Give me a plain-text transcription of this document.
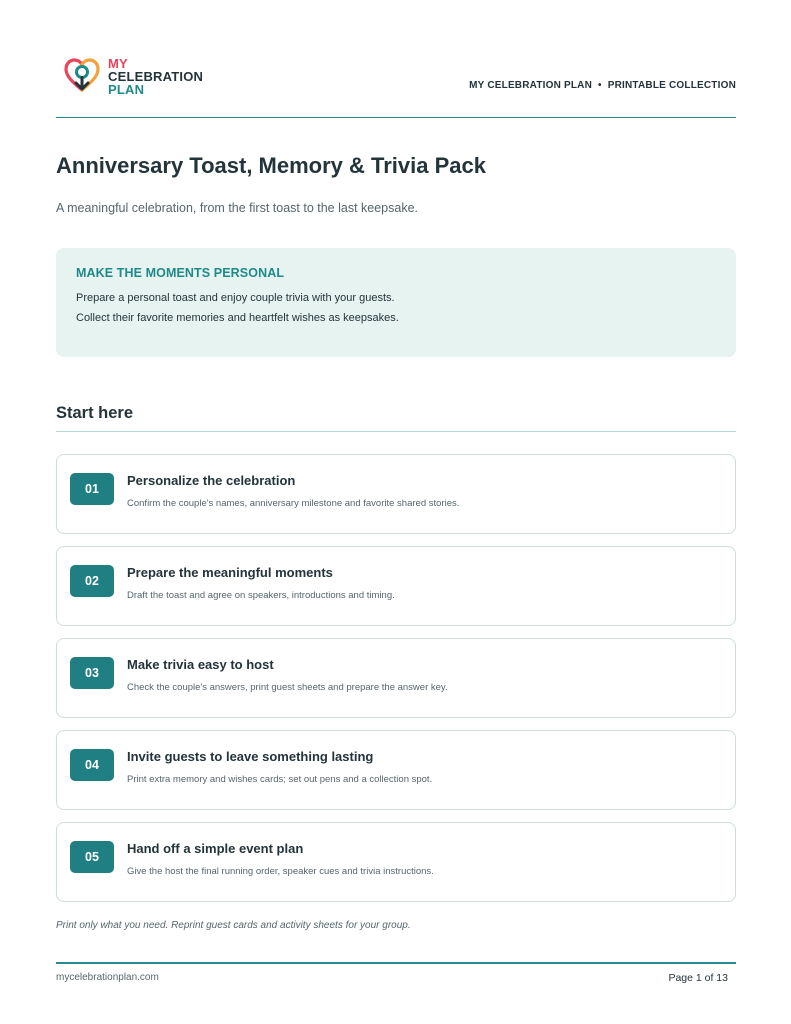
MY
CELEBRATION
PLAN	MY CELEBRATION PLAN • PRINTABLE COLLECTION
Anniversary Toast, Memory & Trivia Pack

A meaningful celebration, from the first toast to the last keepsake.

MAKE THE MOMENTS PERSONAL
Prepare a personal toast and enjoy couple trivia with your guests.
Collect their favorite memories and heartfelt wishes as keepsakes.
Start here
01
Personalize the celebration
Confirm the couple's names, anniversary milestone and favorite shared stories.
02
Prepare the meaningful moments
Draft the toast and agree on speakers, introductions and timing.
03
Make trivia easy to host
Check the couple's answers, print guest sheets and prepare the answer key.
04
Invite guests to leave something lasting
Print extra memory and wishes cards; set out pens and a collection spot.
05
Hand off a simple event plan
Give the host the final running order, speaker cues and trivia instructions.

Print only what you need. Reprint guest cards and activity sheets for your group.

mycelebrationplan.com	Page 1 of 13
